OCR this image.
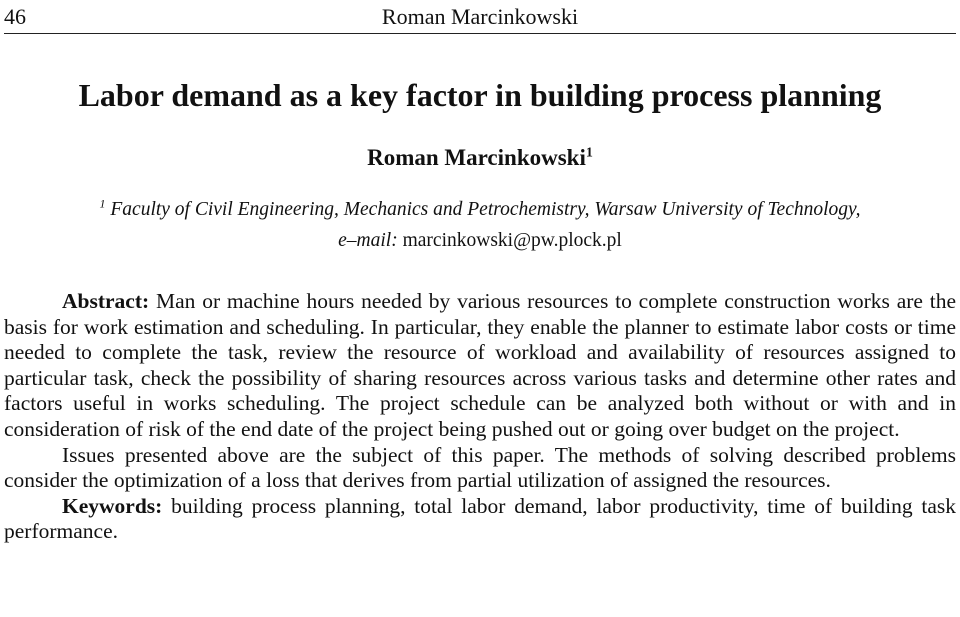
46	Roman Marcinkowski
Labor demand as a key factor in building process planning
Roman Marcinkowski$^1$
$^1$ Faculty of Civil Engineering, Mechanics and Petrochemistry, Warsaw University of Technology,
e–mail: marcinkowski@pw.plock.pl

Abstract: Man or machine hours needed by various resources to complete construction works are the basis for work estimation and scheduling. In particular, they enable the planner to estimate labor costs or time needed to complete the task, review the resource of workload and availability of resources assigned to particular task, check the possibility of sharing resources across various tasks and determine other rates and factors useful in works scheduling. The project schedule can be analyzed both without or with and in consideration of risk of the end date of the project being pushed out or going over budget on the project.

Issues presented above are the subject of this paper. The methods of solving described problems consider the optimization of a loss that derives from partial utilization of assigned the resources.

Keywords: building process planning, total labor demand, labor productivity, time of building task performance.
